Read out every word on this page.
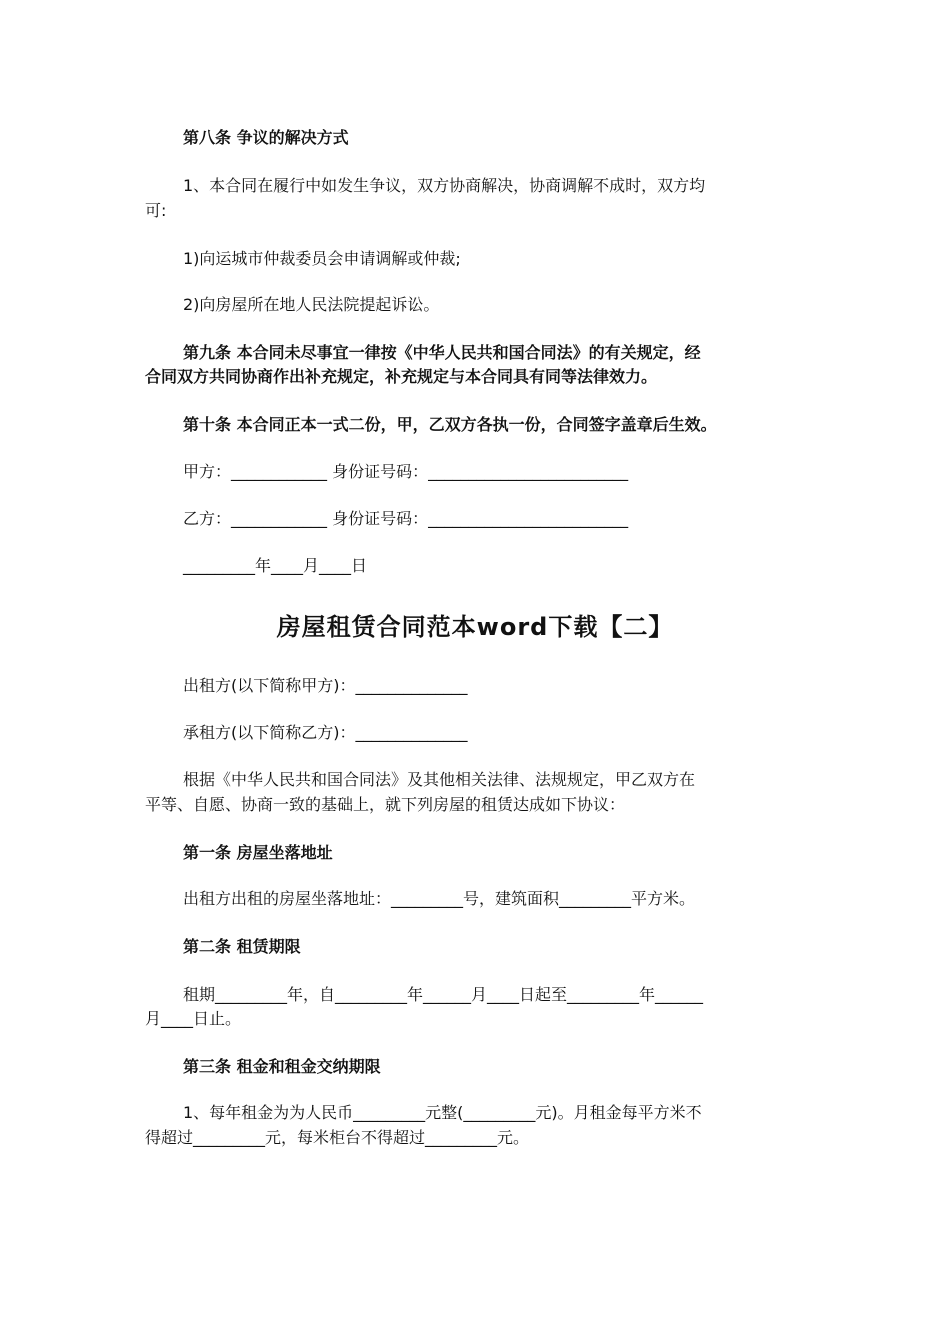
第八条 争议的解决方式
1、本合同在履行中如发生争议，双方协商解决，协商调解不成时，双方均
可:
1)向运城市仲裁委员会申请调解或仲裁;
2)向房屋所在地人民法院提起诉讼。
第九条 本合同未尽事宜一律按《中华人民共和国合同法》的有关规定，经
合同双方共同协商作出补充规定，补充规定与本合同具有同等法律效力。
第十条 本合同正本一式二份，甲，乙双方各执一份，合同签字盖章后生效。
甲方：____________ 身份证号码：_________________________
乙方：____________ 身份证号码：_________________________
_________年____月____日
房屋租赁合同范本word下载【二】
出租方(以下简称甲方)：______________
承租方(以下简称乙方)：______________
根据《中华人民共和国合同法》及其他相关法律、法规规定，甲乙双方在
平等、自愿、协商一致的基础上，就下列房屋的租赁达成如下协议：
第一条 房屋坐落地址
出租方出租的房屋坐落地址：_________号，建筑面积_________平方米。
第二条 租赁期限
租期_________年，自_________年______月____日起至_________年______
月____日止。
第三条 租金和租金交纳期限
1、每年租金为为人民币_________元整(_________元)。月租金每平方米不
得超过_________元，每米柜台不得超过_________元。
